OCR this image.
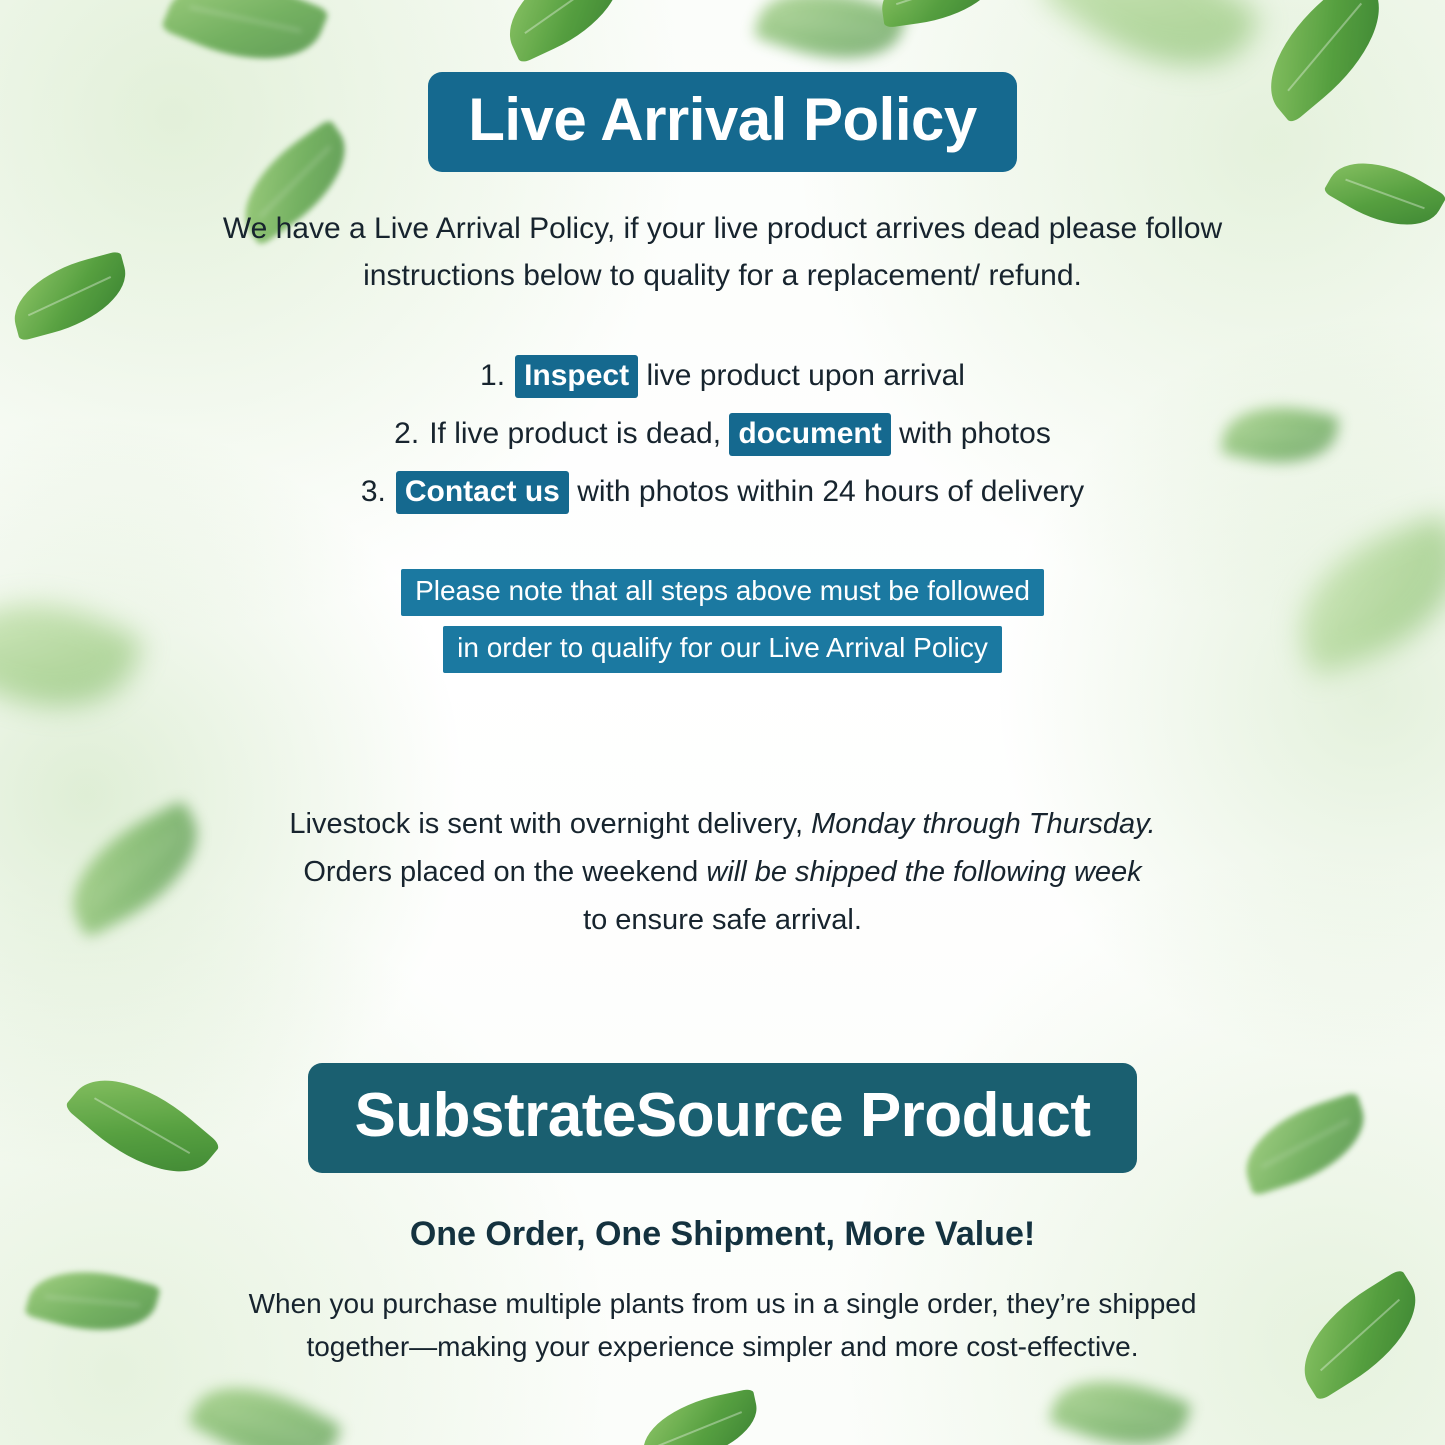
Live Arrival Policy
We have a Live Arrival Policy, if your live product arrives dead please follow
instructions below to quality for a replacement/ refund.
1. Inspect live product upon arrival
2. If live product is dead, document with photos
3. Contact us with photos within 24 hours of delivery
Please note that all steps above must be followed
in order to qualify for our Live Arrival Policy
Livestock is sent with overnight delivery, Monday through Thursday.
Orders placed on the weekend will be shipped the following week
to ensure safe arrival.
SubstrateSource Product
One Order, One Shipment, More Value!
When you purchase multiple plants from us in a single order, they’re shipped
together—making your experience simpler and more cost-effective.
